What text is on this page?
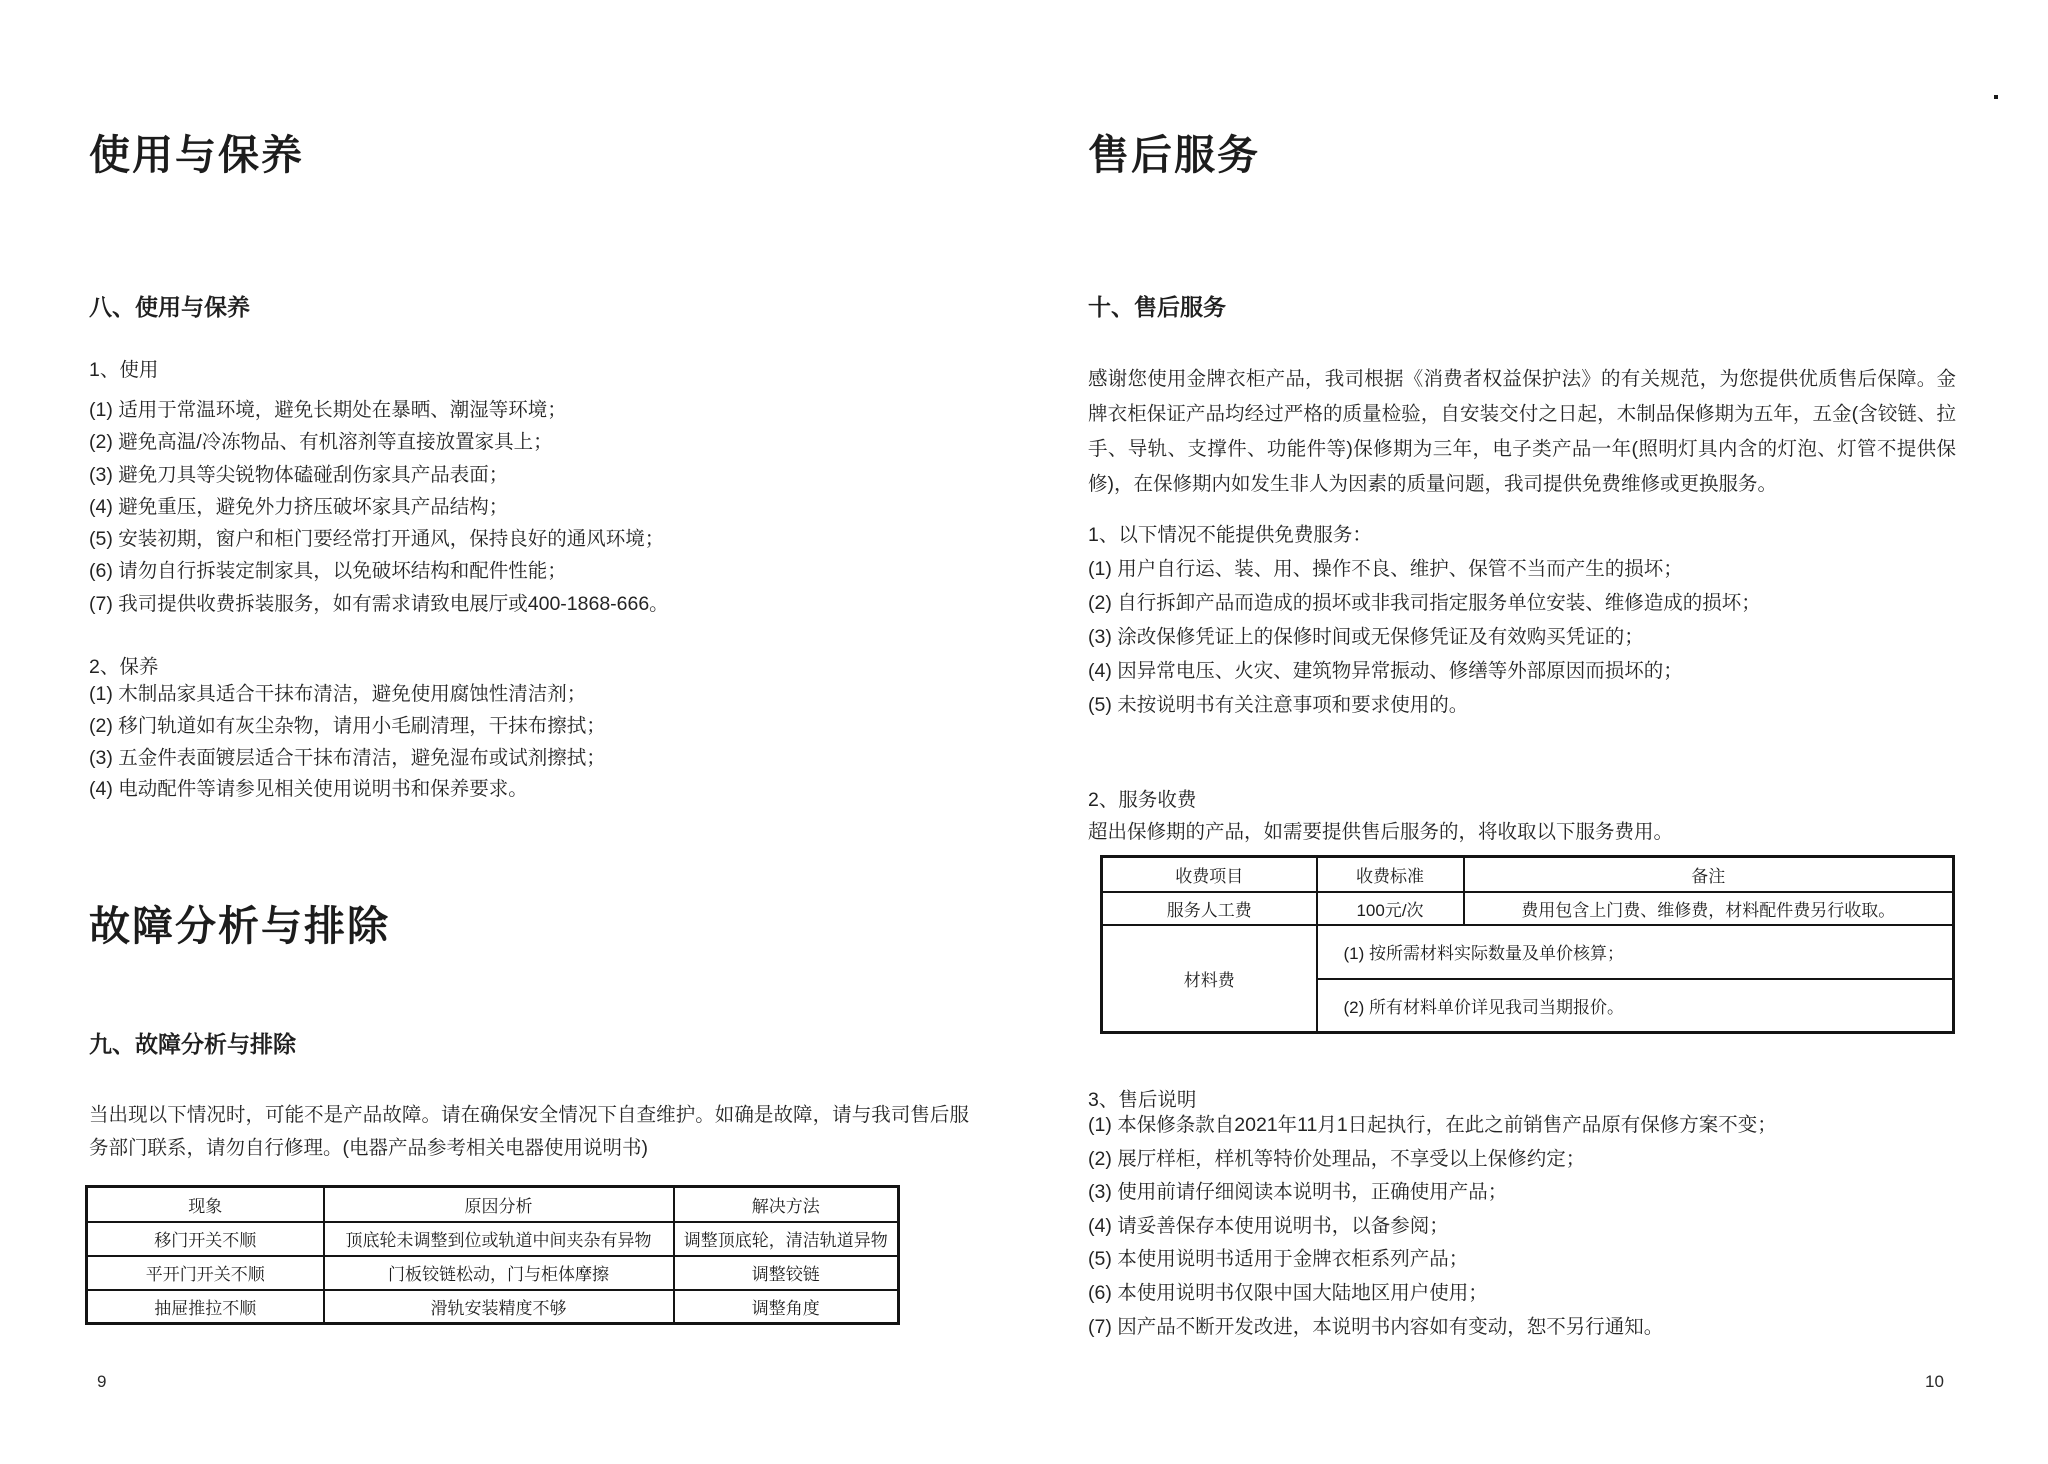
使用与保养
八、使用与保养
1、使用
(1) 适用于常温环境，避免长期处在暴晒、潮湿等环境；
(2) 避免高温/冷冻物品、有机溶剂等直接放置家具上；
(3) 避免刀具等尖锐物体磕碰刮伤家具产品表面；
(4) 避免重压，避免外力挤压破坏家具产品结构；
(5) 安装初期，窗户和柜门要经常打开通风，保持良好的通风环境；
(6) 请勿自行拆装定制家具，以免破坏结构和配件性能；
(7) 我司提供收费拆装服务，如有需求请致电展厅或400-1868-666。
2、保养
(1) 木制品家具适合干抹布清洁，避免使用腐蚀性清洁剂；
(2) 移门轨道如有灰尘杂物，请用小毛刷清理，干抹布擦拭；
(3) 五金件表面镀层适合干抹布清洁，避免湿布或试剂擦拭；
(4) 电动配件等请参见相关使用说明书和保养要求。
故障分析与排除
九、故障分析与排除

当出现以下情况时，可能不是产品故障。请在确保安全情况下自查维护。如确是故障，请与我司售后服务部门联系，请勿自行修理。(电器产品参考相关电器使用说明书)

现象	原因分析	解决方法
移门开关不顺	顶底轮未调整到位或轨道中间夹杂有异物	调整顶底轮，清洁轨道异物
平开门开关不顺	门板铰链松动，门与柜体摩擦	调整铰链
抽屉推拉不顺	滑轨安装精度不够	调整角度
9
售后服务
十、售后服务

感谢您使用金牌衣柜产品，我司根据《消费者权益保护法》的有关规范，为您提供优质售后保障。金牌衣柜保证产品均经过严格的质量检验，自安装交付之日起，木制品保修期为五年，五金(含铰链、拉手、导轨、支撑件、功能件等)保修期为三年，电子类产品一年(照明灯具内含的灯泡、灯管不提供保修)，在保修期内如发生非人为因素的质量问题，我司提供免费维修或更换服务。

1、以下情况不能提供免费服务：
(1) 用户自行运、装、用、操作不良、维护、保管不当而产生的损坏；
(2) 自行拆卸产品而造成的损坏或非我司指定服务单位安装、维修造成的损坏；
(3) 涂改保修凭证上的保修时间或无保修凭证及有效购买凭证的；
(4) 因异常电压、火灾、建筑物异常振动、修缮等外部原因而损坏的；
(5) 未按说明书有关注意事项和要求使用的。
2、服务收费
超出保修期的产品，如需要提供售后服务的，将收取以下服务费用。
收费项目	收费标准	备注
服务人工费	100元/次	费用包含上门费、维修费，材料配件费另行收取。
材料费	(1) 按所需材料实际数量及单价核算；	
	(2) 所有材料单价详见我司当期报价。	
3、售后说明
(1) 本保修条款自2021年11月1日起执行，在此之前销售产品原有保修方案不变；
(2) 展厅样柜，样机等特价处理品，不享受以上保修约定；
(3) 使用前请仔细阅读本说明书，正确使用产品；
(4) 请妥善保存本使用说明书，以备参阅；
(5) 本使用说明书适用于金牌衣柜系列产品；
(6) 本使用说明书仅限中国大陆地区用户使用；
(7) 因产品不断开发改进，本说明书内容如有变动，恕不另行通知。
10
